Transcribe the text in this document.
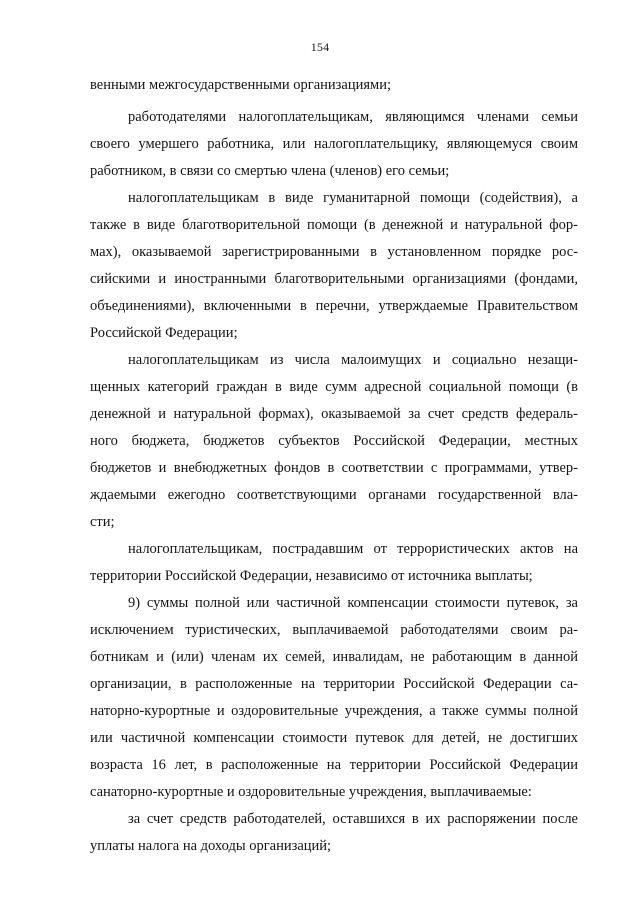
154
венными межгосударственными организациями;
работодателями налогоплательщикам, являющимся членами семьи
своего умершего работника, или налогоплательщику, являющемуся своим
работником, в связи со смертью члена (членов) его семьи;
налогоплательщикам в виде гуманитарной помощи (содействия), а
также в виде благотворительной помощи (в денежной и натуральной фор-
мах), оказываемой зарегистрированными в установленном порядке рос-
сийскими и иностранными благотворительными организациями (фондами,
объединениями), включенными в перечни, утверждаемые Правительством
Российской Федерации;
налогоплательщикам из числа малоимущих и социально незащи-
щенных категорий граждан в виде сумм адресной социальной помощи (в
денежной и натуральной формах), оказываемой за счет средств федераль-
ного бюджета, бюджетов субъектов Российской Федерации, местных
бюджетов и внебюджетных фондов в соответствии с программами, утвер-
ждаемыми ежегодно соответствующими органами государственной вла-
сти;
налогоплательщикам, пострадавшим от террористических актов на
территории Российской Федерации, независимо от источника выплаты;
9) суммы полной или частичной компенсации стоимости путевок, за
исключением туристических, выплачиваемой работодателями своим ра-
ботникам и (или) членам их семей, инвалидам, не работающим в данной
организации, в расположенные на территории Российской Федерации са-
наторно-курортные и оздоровительные учреждения, а также суммы полной
или частичной компенсации стоимости путевок для детей, не достигших
возраста 16 лет, в расположенные на территории Российской Федерации
санаторно-курортные и оздоровительные учреждения, выплачиваемые:
за счет средств работодателей, оставшихся в их распоряжении после
уплаты налога на доходы организаций;
